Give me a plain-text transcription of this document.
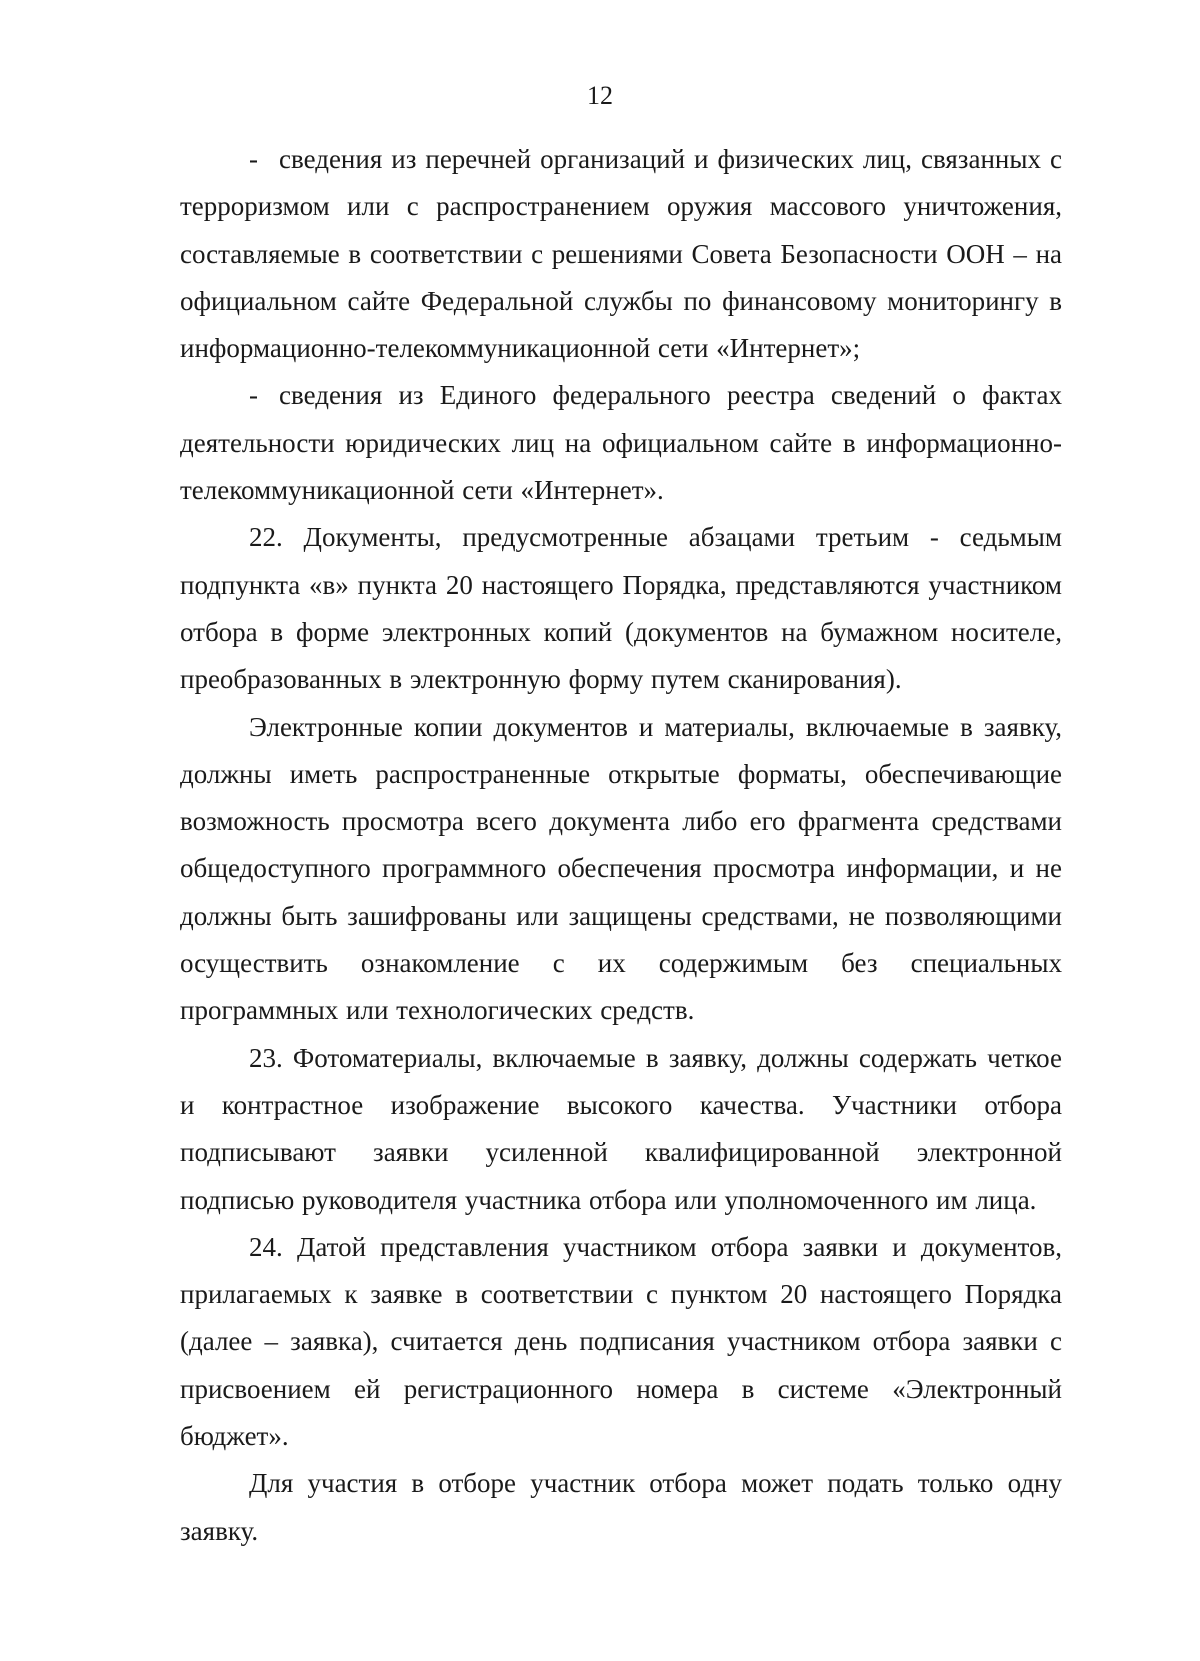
12

- сведения из перечней организаций и физических лиц, связанных с терроризмом или с распространением оружия массового уничтожения, составляемые в соответствии с решениями Совета Безопасности ООН – на официальном сайте Федеральной службы по финансовому мониторингу в информационно-телекоммуникационной сети «Интернет»;

- сведения из Единого федерального реестра сведений о фактах деятельности юридических лиц на официальном сайте в информационно-телекоммуникационной сети «Интернет».

22. Документы, предусмотренные абзацами третьим - седьмым подпункта «в» пункта 20 настоящего Порядка, представляются участником отбора в форме электронных копий (документов на бумажном носителе, преобразованных в электронную форму путем сканирования).

Электронные копии документов и материалы, включаемые в заявку, должны иметь распространенные открытые форматы, обеспечивающие возможность просмотра всего документа либо его фрагмента средствами общедоступного программного обеспечения просмотра информации, и не должны быть зашифрованы или защищены средствами, не позволяющими осуществить ознакомление с их содержимым без специальных программных или технологических средств.

23. Фотоматериалы, включаемые в заявку, должны содержать четкое и контрастное изображение высокого качества. Участники отбора подписывают заявки усиленной квалифицированной электронной подписью руководителя участника отбора или уполномоченного им лица.

24. Датой представления участником отбора заявки и документов, прилагаемых к заявке в соответствии с пунктом 20 настоящего Порядка (далее – заявка), считается день подписания участником отбора заявки с присвоением ей регистрационного номера в системе «Электронный бюджет».

Для участия в отборе участник отбора может подать только одну заявку.
